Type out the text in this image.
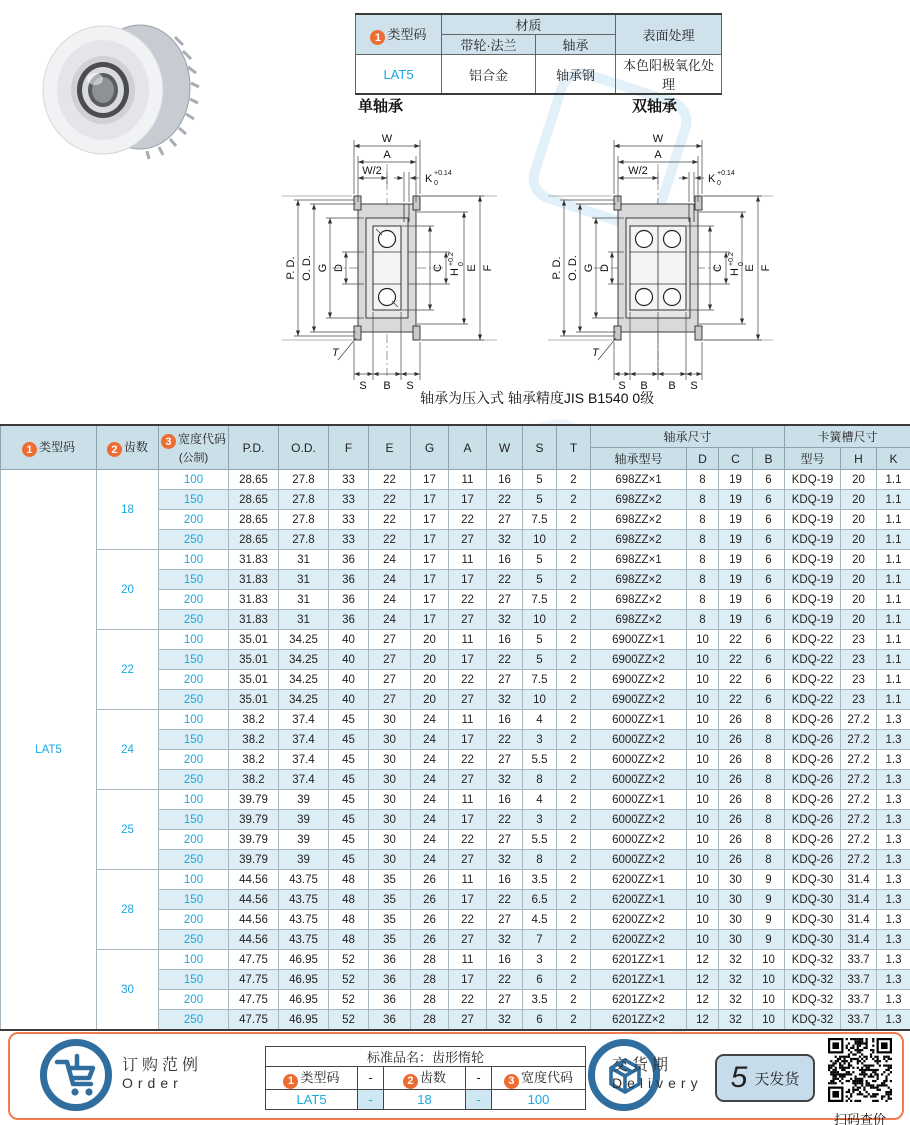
1 类型码	材质		表面处理
	带轮·法兰	轴承	
LAT5	铝合金	轴承钢	本色阳极氧化处理
单轴承	双轴承
W
A
W/2
K +0.14
0
P. D. O. D. G D	C
H
+0.2 0
E F
S B S
T
W
A
W/2
K +0.14
0
P. D. O. D. G D	C
H
+0.2 0
E F
S B B S
T
轴承为压入式 轴承精度JIS B1540 0级
1 类型码	2 齿数	3 宽度代码
(公制)	P.D.	O.D.	F	E	G	A	W	S	T	轴承尺寸				卡簧槽尺寸		
												轴承型号	D	C	B	型号	H	K
LAT5	18	100	28.65	27.8	33	22	17	11	16	5	2	698ZZ×1	8	19	6	KDQ-19	20	1.1
		150	28.65	27.8	33	22	17	17	22	5	2	698ZZ×2	8	19	6	KDQ-19	20	1.1
		200	28.65	27.8	33	22	17	22	27	7.5	2	698ZZ×2	8	19	6	KDQ-19	20	1.1
		250	28.65	27.8	33	22	17	27	32	10	2	698ZZ×2	8	19	6	KDQ-19	20	1.1
	20	100	31.83	31	36	24	17	11	16	5	2	698ZZ×1	8	19	6	KDQ-19	20	1.1
		150	31.83	31	36	24	17	17	22	5	2	698ZZ×2	8	19	6	KDQ-19	20	1.1
		200	31.83	31	36	24	17	22	27	7.5	2	698ZZ×2	8	19	6	KDQ-19	20	1.1
		250	31.83	31	36	24	17	27	32	10	2	698ZZ×2	8	19	6	KDQ-19	20	1.1
	22	100	35.01	34.25	40	27	20	11	16	5	2	6900ZZ×1	10	22	6	KDQ-22	23	1.1
		150	35.01	34.25	40	27	20	17	22	5	2	6900ZZ×2	10	22	6	KDQ-22	23	1.1
		200	35.01	34.25	40	27	20	22	27	7.5	2	6900ZZ×2	10	22	6	KDQ-22	23	1.1
		250	35.01	34.25	40	27	20	27	32	10	2	6900ZZ×2	10	22	6	KDQ-22	23	1.1
	24	100	38.2	37.4	45	30	24	11	16	4	2	6000ZZ×1	10	26	8	KDQ-26	27.2	1.3
		150	38.2	37.4	45	30	24	17	22	3	2	6000ZZ×2	10	26	8	KDQ-26	27.2	1.3
		200	38.2	37.4	45	30	24	22	27	5.5	2	6000ZZ×2	10	26	8	KDQ-26	27.2	1.3
		250	38.2	37.4	45	30	24	27	32	8	2	6000ZZ×2	10	26	8	KDQ-26	27.2	1.3
	25	100	39.79	39	45	30	24	11	16	4	2	6000ZZ×1	10	26	8	KDQ-26	27.2	1.3
		150	39.79	39	45	30	24	17	22	3	2	6000ZZ×2	10	26	8	KDQ-26	27.2	1.3
		200	39.79	39	45	30	24	22	27	5.5	2	6000ZZ×2	10	26	8	KDQ-26	27.2	1.3
		250	39.79	39	45	30	24	27	32	8	2	6000ZZ×2	10	26	8	KDQ-26	27.2	1.3
	28	100	44.56	43.75	48	35	26	11	16	3.5	2	6200ZZ×1	10	30	9	KDQ-30	31.4	1.3
		150	44.56	43.75	48	35	26	17	22	6.5	2	6200ZZ×1	10	30	9	KDQ-30	31.4	1.3
		200	44.56	43.75	48	35	26	22	27	4.5	2	6200ZZ×2	10	30	9	KDQ-30	31.4	1.3
		250	44.56	43.75	48	35	26	27	32	7	2	6200ZZ×2	10	30	9	KDQ-30	31.4	1.3
	30	100	47.75	46.95	52	36	28	11	16	3	2	6201ZZ×1	12	32	10	KDQ-32	33.7	1.3
		150	47.75	46.95	52	36	28	17	22	6	2	6201ZZ×1	12	32	10	KDQ-32	33.7	1.3
		200	47.75	46.95	52	36	28	22	27	3.5	2	6201ZZ×2	12	32	10	KDQ-32	33.7	1.3
		250	47.75	46.95	52	36	28	27	32	6	2	6201ZZ×2	12	32	10	KDQ-32	33.7	1.3
订购范例
Order
标准品名：齿形惰轮				
1 类型码	-	2 齿数	-	3 宽度代码
LAT5	-	18	-	100
交货期
Delivery 5 天发货
扫码查价
